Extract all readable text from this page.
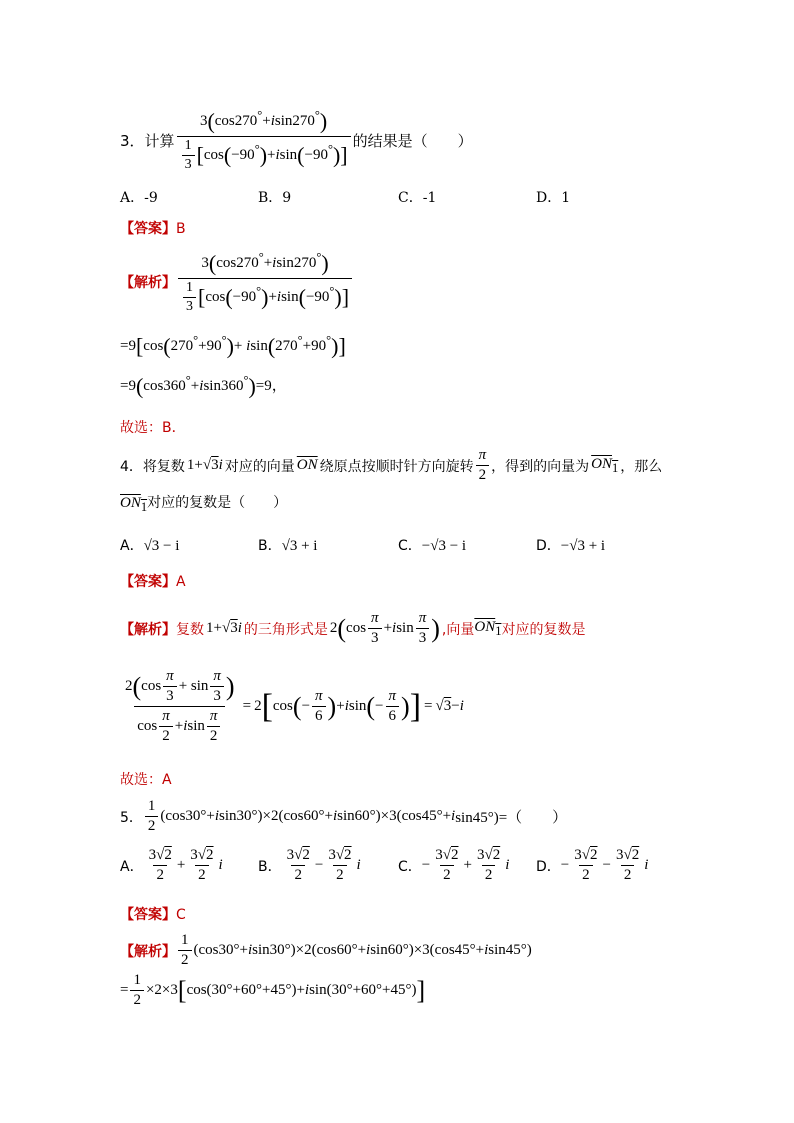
3． 计算 $\frac{3(\cos 270^\circ+isin270^\circ)}{\frac{1}{3} [\cos(-90^\circ)+isin(-90^\circ)]}$ 的结果是（　　）
A．-9	B．9	C．-1	D．1
【答案】B
【解析】 $\frac{3(\cos 270^\circ+isin270^\circ)}{\frac{1}{3} [\cos(-90^\circ)+isin(-90^\circ)]}$
=9[cos(270°+90°)+ isin(270°+90°)]
=9(cos360°+isin360°)=9，
故选：B．
4． 将复数 1+√3i 对应的向量 $\overline{ON}$ 绕原点按顺时针方向旋转 $\frac{\pi}{2}$ ，得到的向量为 $ON_1$ ，那么
$ON_1$对应的复数是（　　）
A．√3 − i	B．√3 + i	C．−√3 − i	D．−√3 + i
【答案】A
【解析】 复数 1+√3i 的三角形式是 2 ( $\cos \frac{\pi}{3} + i$ $\sin \frac{\pi}{3}$ ) ,向量 $ON_1$ 对应的复数是
$\frac{2 ( \cos \frac{\pi}{3} + \sin \frac{\pi}{3} )}{\cos \frac{\pi}{2} + i \sin \frac{\pi}{2}} = 2$ [ cos ( − $\frac{\pi}{6}$ ) + i sin ( − $\frac{\pi}{6}$ ) ] = √ 3 − i
故选：A
5． $\frac{1}{2} (\cos 30^\circ+ i$ sin30°)×2(cos60°+ i sin60°)×3(cos45°+ i sin45°)=（　　）
A． $\frac{3√2}{2} + \frac{3√2}{2}$ i	B． $\frac{3√2}{2} - \frac{3√2}{2}$ i	C． − $\frac{3√2}{2} + \frac{3√2}{2}$ i D． − $\frac{3√2}{2} - \frac{3√2}{2}$ i
【答案】C
【解析】 $\frac{1}{2} (\cos 30^\circ+ i$ sin30°)×2(cos60°+ i sin60°)×3(cos45°+ i sin45°)
= $\frac{1}{2} \times 2\times 3$ [ cos(30°+60°+45°)+ i sin(30°+60°+45°) ]
